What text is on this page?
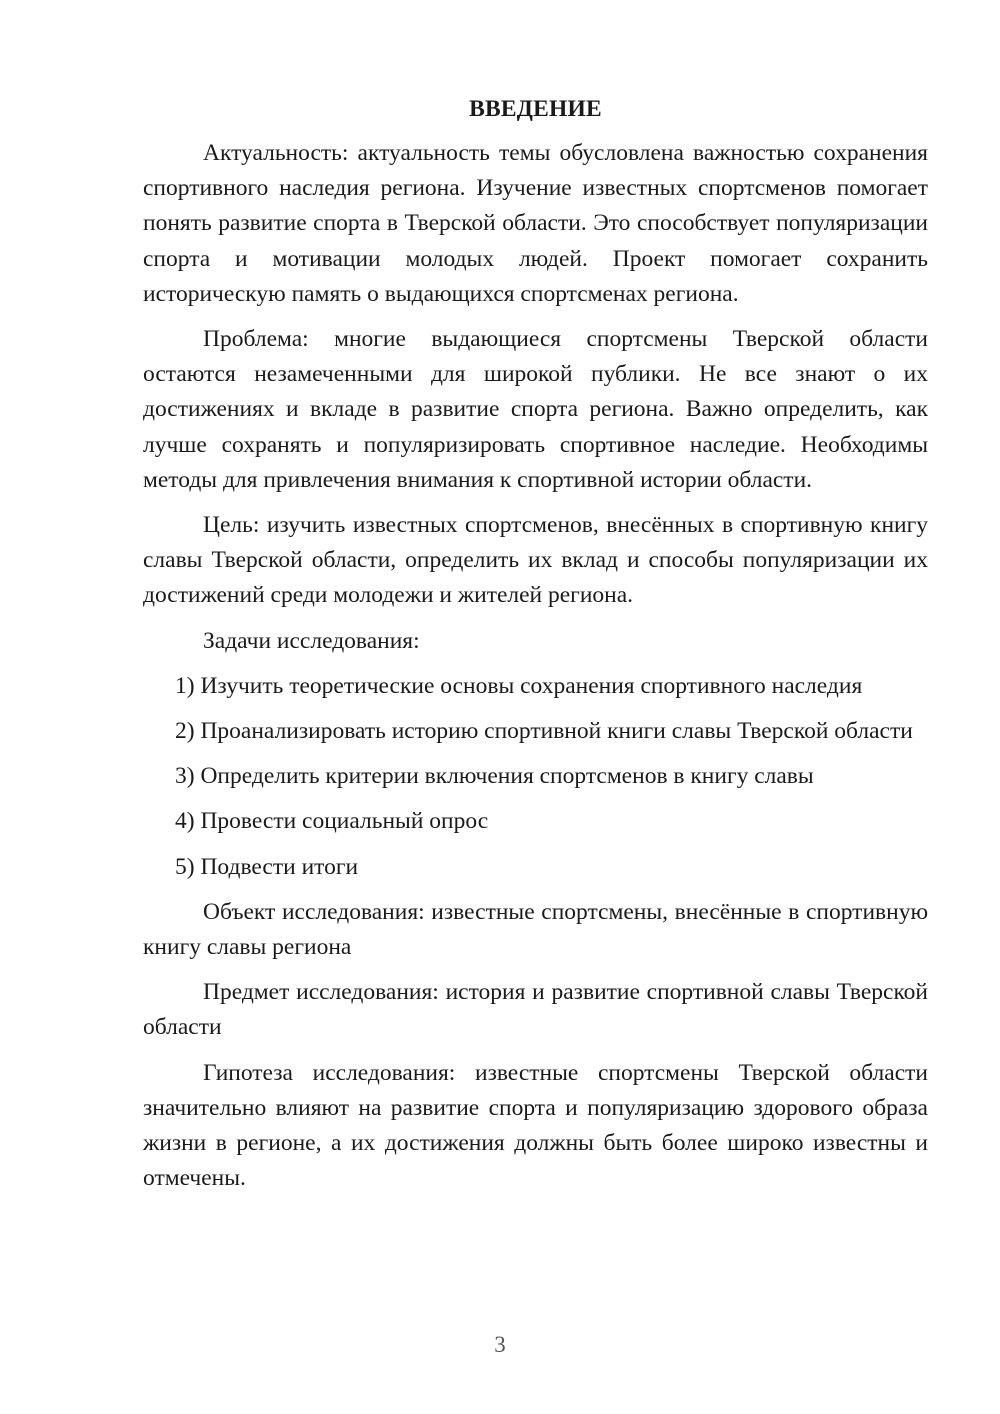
ВВЕДЕНИЕ

Актуальность: актуальность темы обусловлена важностью сохранения спортивного наследия региона. Изучение известных спортсменов помогает понять развитие спорта в Тверской области. Это способствует популяризации спорта и мотивации молодых людей. Проект помогает сохранить историческую память о выдающихся спортсменах региона.

Проблема: многие выдающиеся спортсмены Тверской области остаются незамеченными для широкой публики. Не все знают о их достижениях и вкладе в развитие спорта региона. Важно определить, как лучше сохранять и популяризировать спортивное наследие. Необходимы методы для привлечения внимания к спортивной истории области.

Цель: изучить известных спортсменов, внесённых в спортивную книгу славы Тверской области, определить их вклад и способы популяризации их достижений среди молодежи и жителей региона.

Задачи исследования:

1) Изучить теоретические основы сохранения спортивного наследия

2) Проанализировать историю спортивной книги славы Тверской области

3) Определить критерии включения спортсменов в книгу славы

4) Провести социальный опрос

5) Подвести итоги

Объект исследования: известные спортсмены, внесённые в спортивную книгу славы региона

Предмет исследования: история и развитие спортивной славы Тверской области

Гипотеза исследования: известные спортсмены Тверской области значительно влияют на развитие спорта и популяризацию здорового образа жизни в регионе, а их достижения должны быть более широко известны и отмечены.

3
